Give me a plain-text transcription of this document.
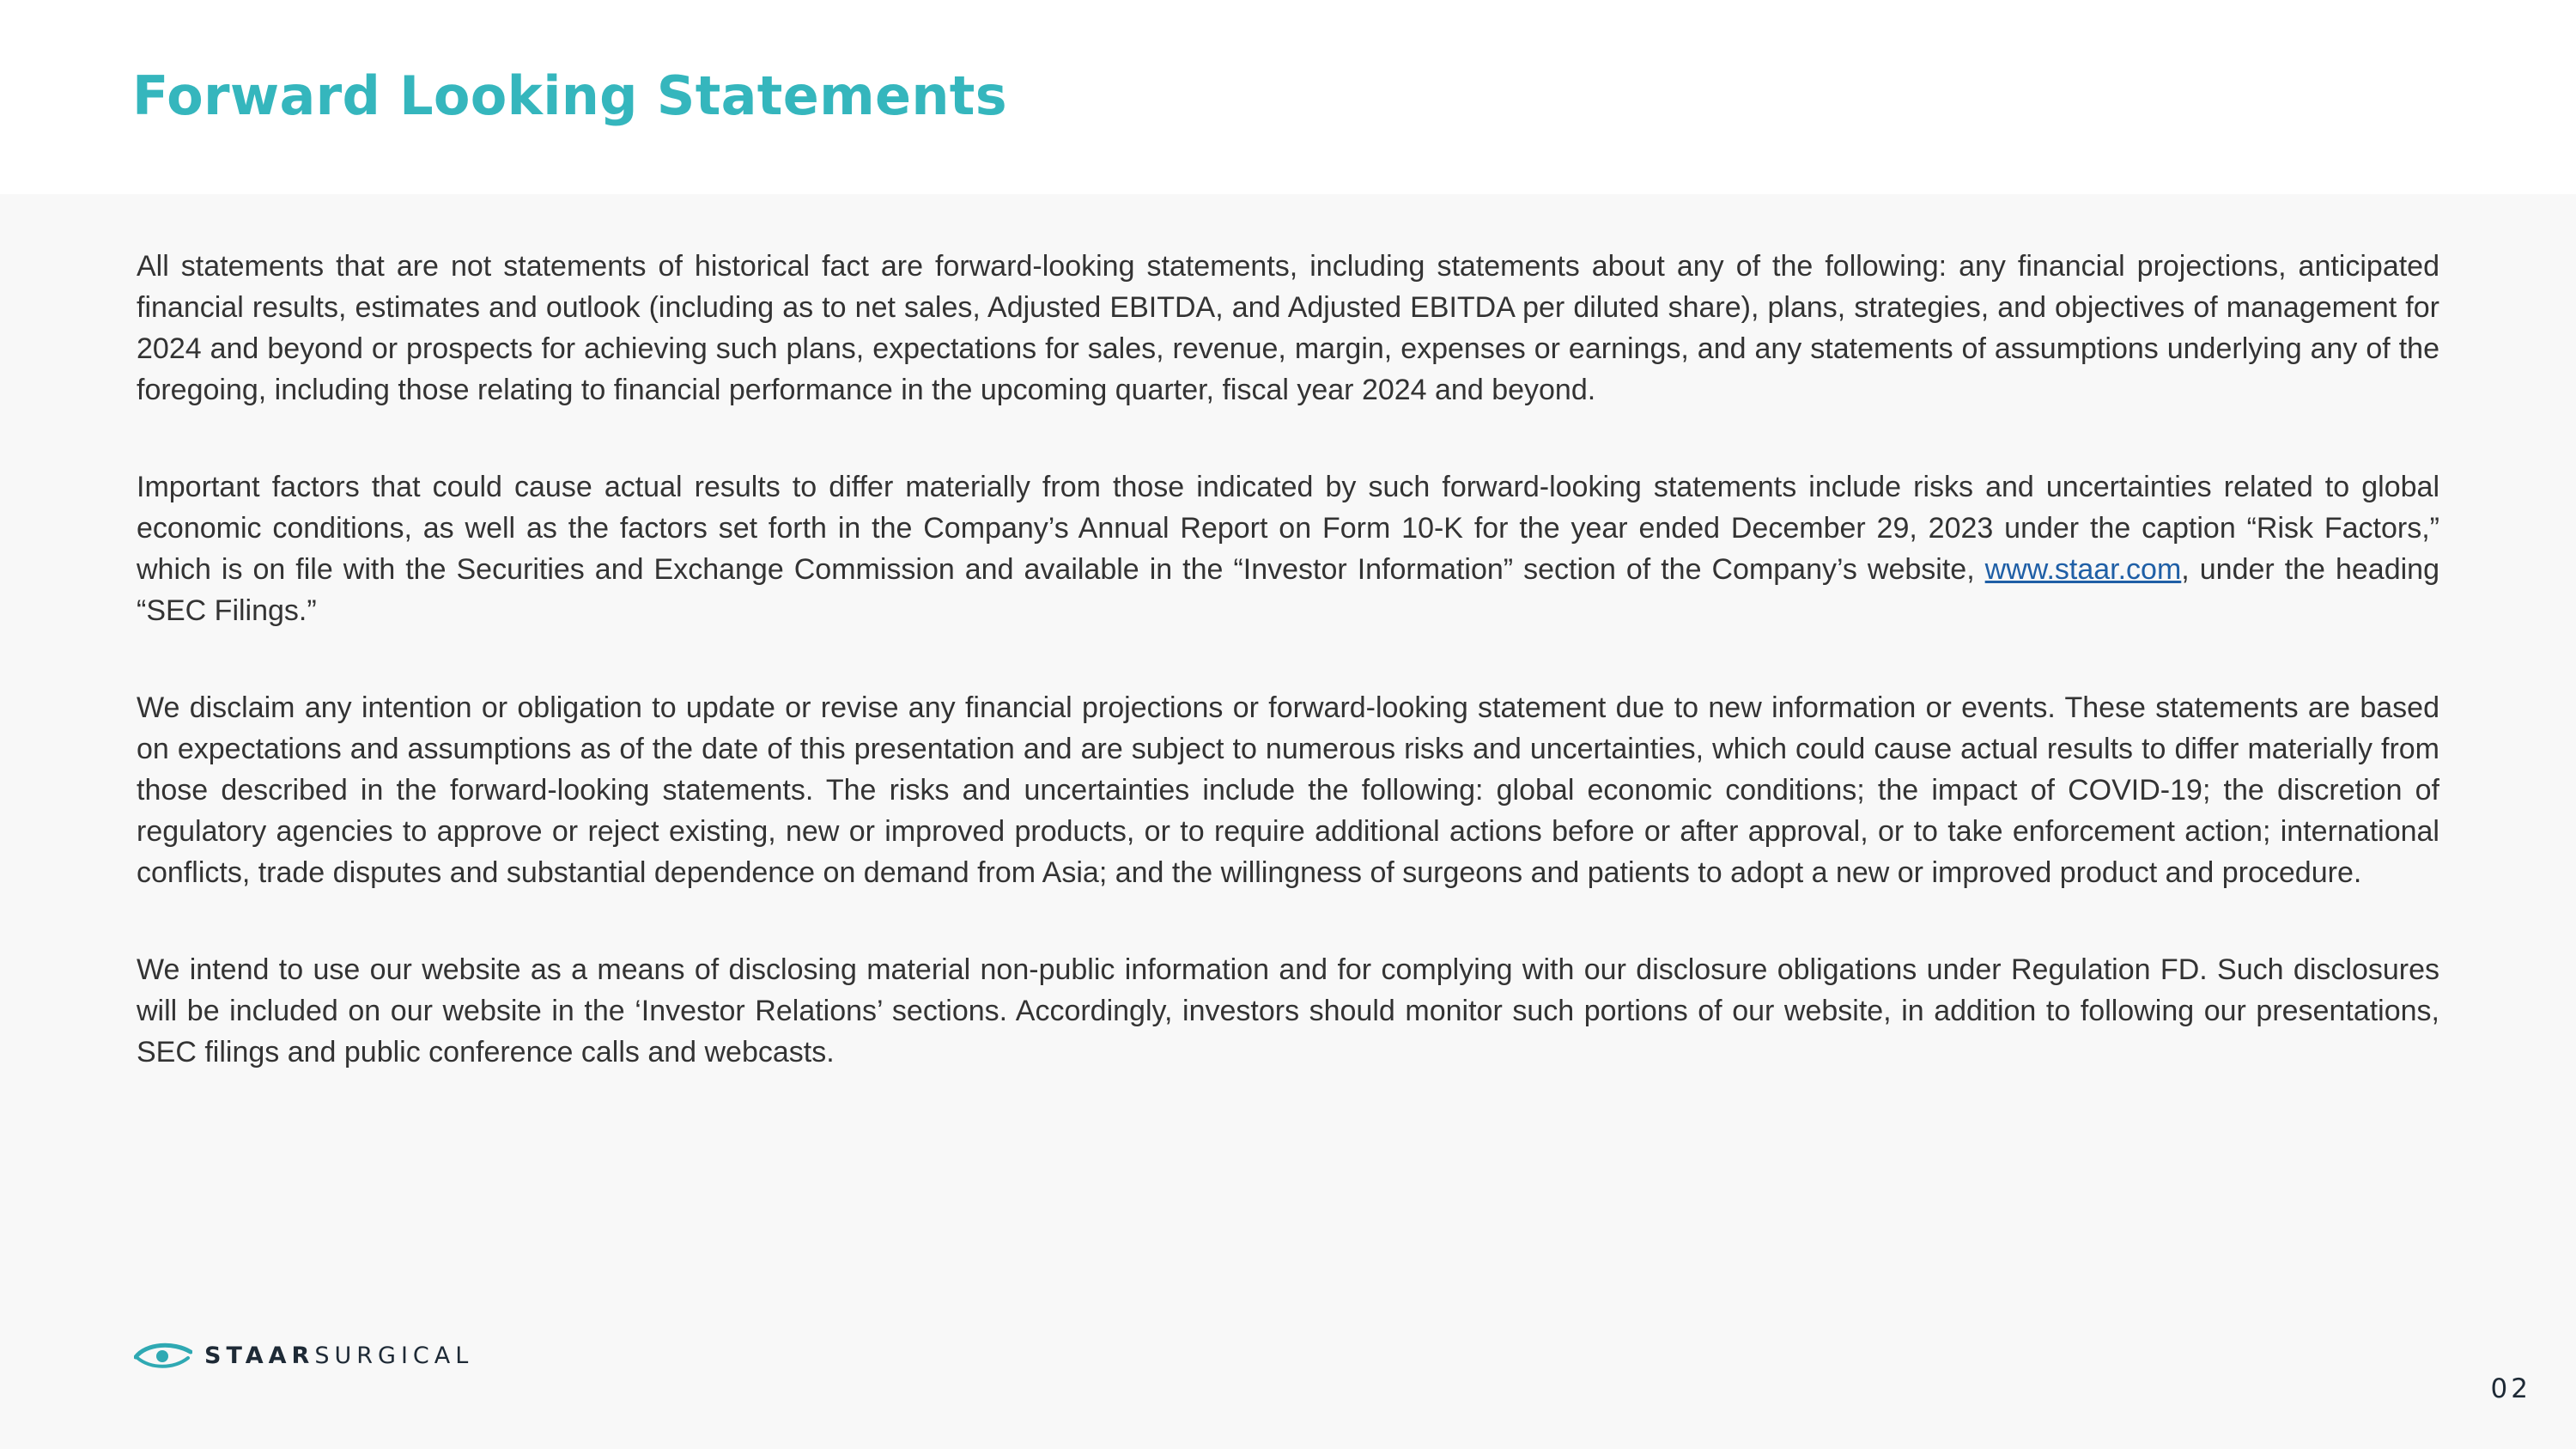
Forward Looking Statements

All statements that are not statements of historical fact are forward-looking statements, including statements about any of the following: any financial projections, anticipated financial results, estimates and outlook (including as to net sales, Adjusted EBITDA, and Adjusted EBITDA per diluted share), plans, strategies, and objectives of management for 2024 and beyond or prospects for achieving such plans, expectations for sales, revenue, margin, expenses or earnings, and any statements of assumptions underlying any of the foregoing, including those relating to financial performance in the upcoming quarter, fiscal year 2024 and beyond.

Important factors that could cause actual results to differ materially from those indicated by such forward-looking statements include risks and uncertainties related to global economic conditions, as well as the factors set forth in the Company’s Annual Report on Form 10-K for the year ended December 29, 2023 under the caption “Risk Factors,” which is on file with the Securities and Exchange Commission and available in the “Investor Information” section of the Company’s website, www.staar.com, under the heading “SEC Filings.”

We disclaim any intention or obligation to update or revise any financial projections or forward-looking statement due to new information or events. These statements are based on expectations and assumptions as of the date of this presentation and are subject to numerous risks and uncertainties, which could cause actual results to differ materially from those described in the forward-looking statements. The risks and uncertainties include the following: global economic conditions; the impact of COVID-19; the discretion of regulatory agencies to approve or reject existing, new or improved products, or to require additional actions before or after approval, or to take enforcement action; international conflicts, trade disputes and substantial dependence on demand from Asia; and the willingness of surgeons and patients to adopt a new or improved product and procedure.

We intend to use our website as a means of disclosing material non-public information and for complying with our disclosure obligations under Regulation FD. Such disclosures will be included on our website in the ‘Investor Relations’ sections. Accordingly, investors should monitor such portions of our website, in addition to following our presentations, SEC filings and public conference calls and webcasts.

STAARSURGICAL
02
